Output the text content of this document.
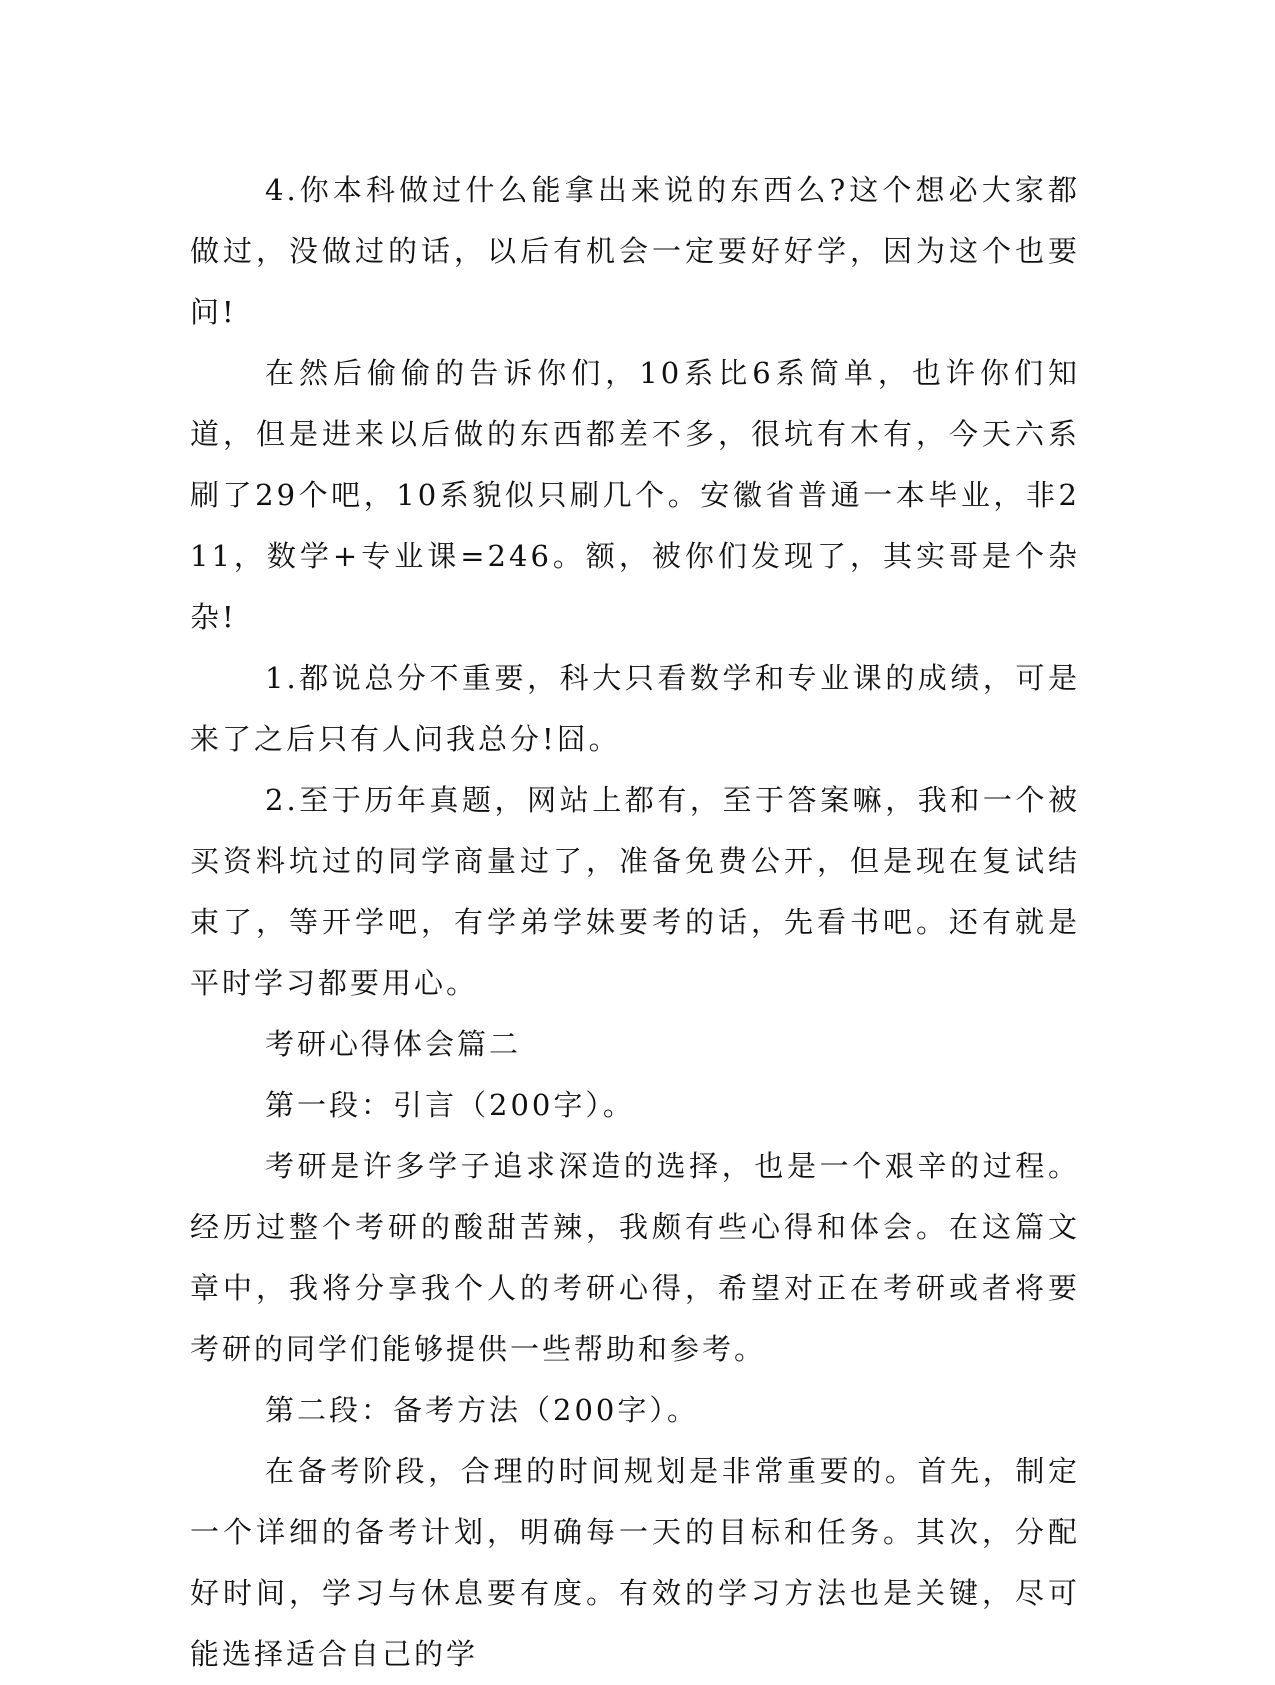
4.你本科做过什么能拿出来说的东西么?这个想必大家都做过，没做过的话，以后有机会一定要好好学，因为这个也要问!

在然后偷偷的告诉你们，10系比6系简单，也许你们知道，但是进来以后做的东西都差不多，很坑有木有，今天六系刷了29个吧，10系貌似只刷几个。安徽省普通一本毕业，非211，数学+专业课=246。额，被你们发现了，其实哥是个杂杂!

1.都说总分不重要，科大只看数学和专业课的成绩，可是来了之后只有人问我总分!囧。

2.至于历年真题，网站上都有，至于答案嘛，我和一个被买资料坑过的同学商量过了，准备免费公开，但是现在复试结束了，等开学吧，有学弟学妹要考的话，先看书吧。还有就是平时学习都要用心。

考研心得体会篇二

第一段：引言（200字）。

考研是许多学子追求深造的选择，也是一个艰辛的过程。经历过整个考研的酸甜苦辣，我颇有些心得和体会。在这篇文章中，我将分享我个人的考研心得，希望对正在考研或者将要考研的同学们能够提供一些帮助和参考。

第二段：备考方法（200字）。

在备考阶段，合理的时间规划是非常重要的。首先，制定一个详细的备考计划，明确每一天的目标和任务。其次，分配好时间，学习与休息要有度。有效的学习方法也是关键，尽可能选择适合自己的学
